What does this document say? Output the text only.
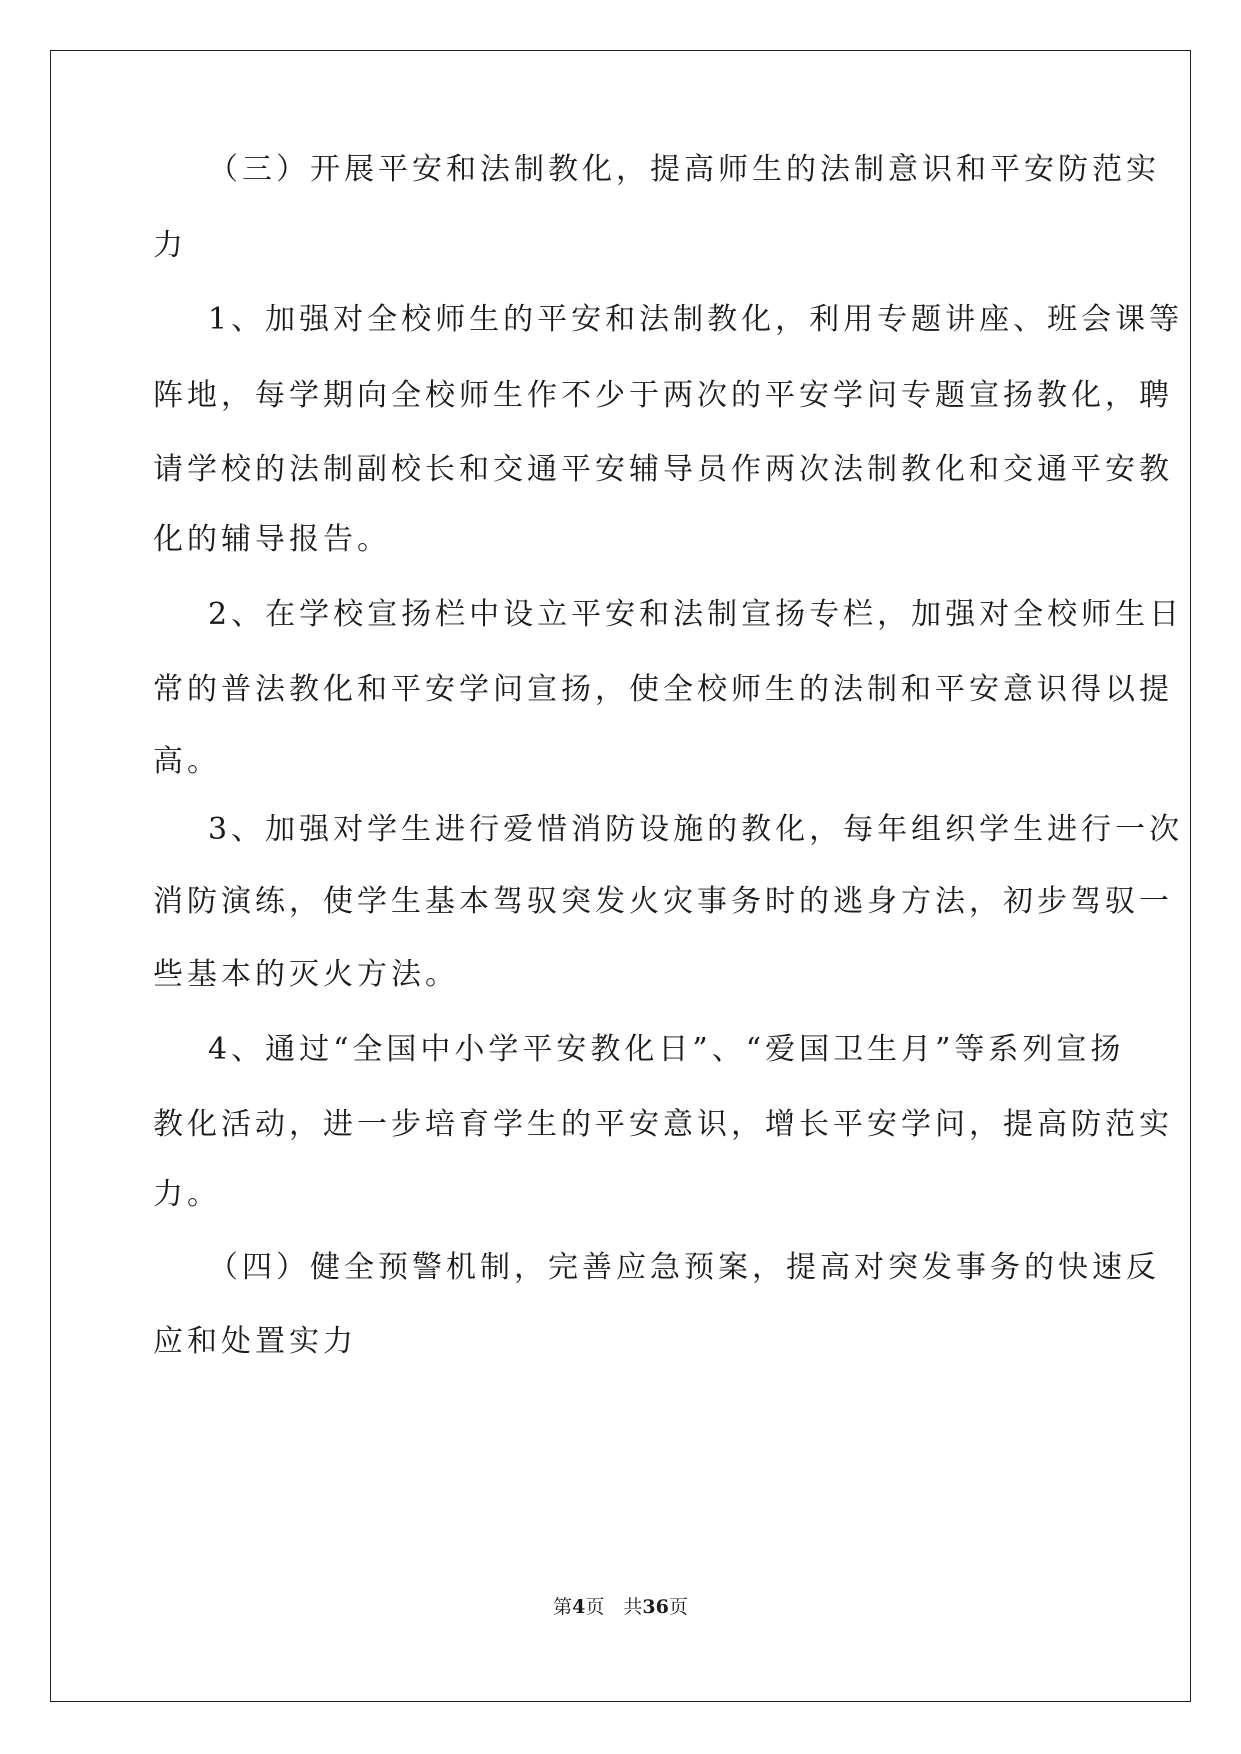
（三）开展平安和法制教化，提高师生的法制意识和平安防范实
力
1、加强对全校师生的平安和法制教化，利用专题讲座、班会课等
阵地，每学期向全校师生作不少于两次的平安学问专题宣扬教化，聘
请学校的法制副校长和交通平安辅导员作两次法制教化和交通平安教
化的辅导报告。
2、在学校宣扬栏中设立平安和法制宣扬专栏，加强对全校师生日
常的普法教化和平安学问宣扬，使全校师生的法制和平安意识得以提
高。
3、加强对学生进行爱惜消防设施的教化，每年组织学生进行一次
消防演练，使学生基本驾驭突发火灾事务时的逃身方法，初步驾驭一
些基本的灭火方法。
4、通过“全国中小学平安教化日”、“爱国卫生月”等系列宣扬
教化活动，进一步培育学生的平安意识，增长平安学问，提高防范实
力。
（四）健全预警机制，完善应急预案，提高对突发事务的快速反
应和处置实力
第4页　共36页
